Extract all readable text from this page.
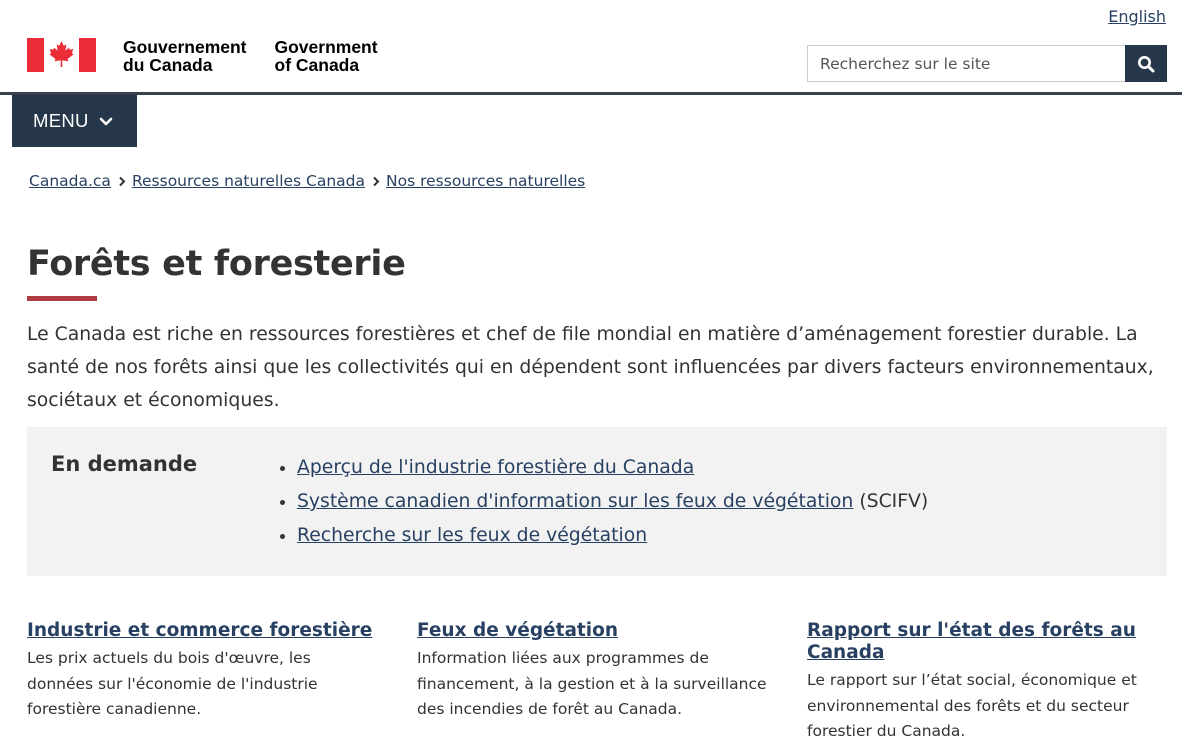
English
Gouvernement
du Canada
Government
of Canada
Recherchez sur le site
MENU
Canada.ca Ressources naturelles Canada Nos ressources naturelles
Forêts et foresterie

Le Canada est riche en ressources forestières et chef de file mondial en matière d’aménagement forestier durable. La santé de nos forêts ainsi que les collectivités qui en dépendent sont influencées par divers facteurs environnementaux, sociétaux et économiques.

En demande
•	Aperçu de l'industrie forestière du Canada
• Système canadien d'information sur les feux de végétation (SCIFV)
• Recherche sur les feux de végétation
Industrie et commerce forestière

Les prix actuels du bois d'œuvre, les données sur l'économie de l'industrie forestière canadienne.

Feux de végétation

Information liées aux programmes de financement, à la gestion et à la surveillance des incendies de forêt au Canada.

Rapport sur l'état des forêts au Canada

Le rapport sur l’état social, économique et environnemental des forêts et du secteur forestier du Canada.
